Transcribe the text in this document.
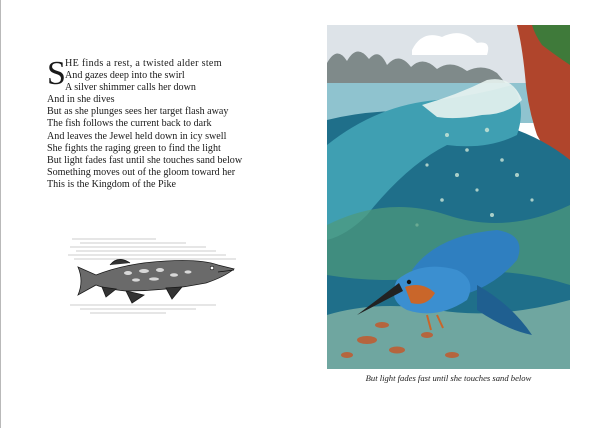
S HE finds a rest, a twisted alder stem
And gazes deep into the swirl
A silver shimmer calls her down
And in she dives
But as she plunges sees her target flash away
The fish follows the current back to dark
And leaves the Jewel held down in icy swell
She fights the raging green to find the light
But light fades fast until she touches sand below
Something moves out of the gloom toward her
This is the Kingdom of the Pike
But light fades fast until she touches sand below
